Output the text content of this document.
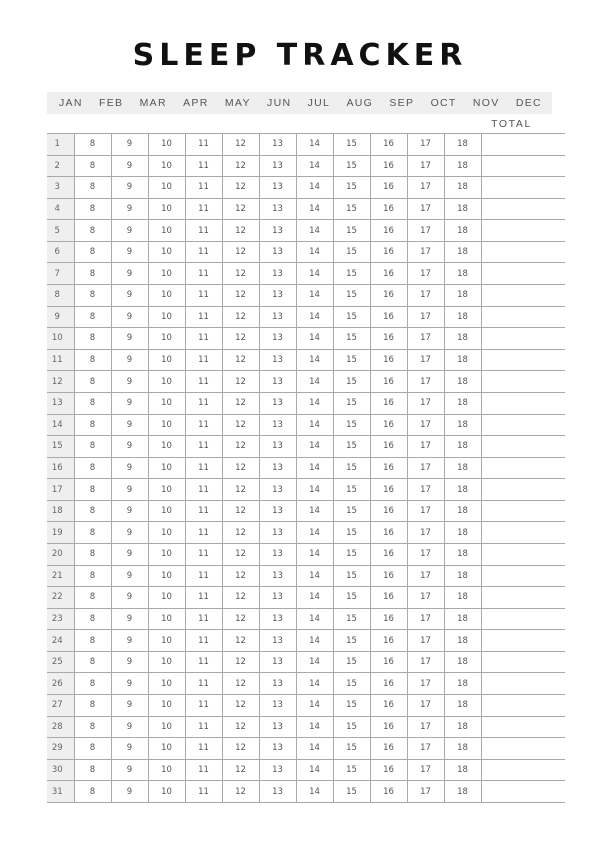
SLEEP TRACKER
JAN FEB MAR APR MAY JUN JUL AUG SEP OCT NOV DEC
TOTAL
1	8	9	10	11	12	13	14	15	16	17	18	
2	8	9	10	11	12	13	14	15	16	17	18	
3	8	9	10	11	12	13	14	15	16	17	18	
4	8	9	10	11	12	13	14	15	16	17	18	
5	8	9	10	11	12	13	14	15	16	17	18	
6	8	9	10	11	12	13	14	15	16	17	18	
7	8	9	10	11	12	13	14	15	16	17	18	
8	8	9	10	11	12	13	14	15	16	17	18	
9	8	9	10	11	12	13	14	15	16	17	18	
10	8	9	10	11	12	13	14	15	16	17	18	
11	8	9	10	11	12	13	14	15	16	17	18	
12	8	9	10	11	12	13	14	15	16	17	18	
13	8	9	10	11	12	13	14	15	16	17	18	
14	8	9	10	11	12	13	14	15	16	17	18	
15	8	9	10	11	12	13	14	15	16	17	18	
16	8	9	10	11	12	13	14	15	16	17	18	
17	8	9	10	11	12	13	14	15	16	17	18	
18	8	9	10	11	12	13	14	15	16	17	18	
19	8	9	10	11	12	13	14	15	16	17	18	
20	8	9	10	11	12	13	14	15	16	17	18	
21	8	9	10	11	12	13	14	15	16	17	18	
22	8	9	10	11	12	13	14	15	16	17	18	
23	8	9	10	11	12	13	14	15	16	17	18	
24	8	9	10	11	12	13	14	15	16	17	18	
25	8	9	10	11	12	13	14	15	16	17	18	
26	8	9	10	11	12	13	14	15	16	17	18	
27	8	9	10	11	12	13	14	15	16	17	18	
28	8	9	10	11	12	13	14	15	16	17	18	
29	8	9	10	11	12	13	14	15	16	17	18	
30	8	9	10	11	12	13	14	15	16	17	18	
31	8	9	10	11	12	13	14	15	16	17	18	
